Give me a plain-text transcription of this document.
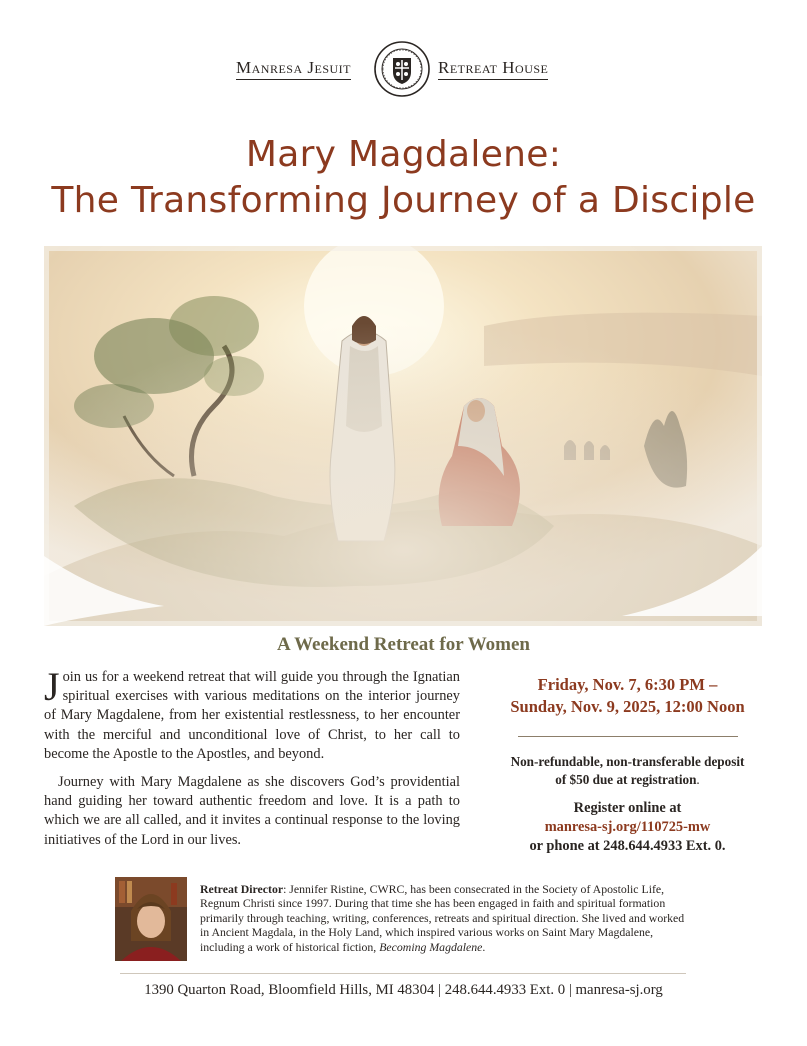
Manresa Jesuit	Retreat House
Mary Magdalene:
The Transforming Journey of a Disciple
A Weekend Retreat for Women

Join us for a weekend retreat that will guide you through the Ignatian spiritual exercises with various meditations on the interior journey of Mary Magdalene, from her existential restlessness, to her encounter with the merciful and unconditional love of Christ, to her call to become the Apostle to the Apostles, and beyond.

Journey with Mary Magdalene as she discovers God’s providential hand guiding her toward authentic freedom and love. It is a path to which we are all called, and it invites a continual response to the loving initiatives of the Lord in our lives.

Friday, Nov. 7, 6:30 PM –
Sunday, Nov. 9, 2025, 12:00 Noon
Non-refundable, non-transferable deposit
of $50 due at registration.
Register online at
manresa-sj.org/110725-mw
or phone at 248.644.4933 Ext. 0.
Retreat Director: Jennifer Ristine, CWRC, has been consecrated in the Society of Apostolic Life, Regnum Christi since 1997. During that time she has been engaged in faith and spiritual formation primarily through teaching, writing, conferences, retreats and spiritual direction. She lived and worked in Ancient Magdala, in the Holy Land, which inspired various works on Saint Mary Magdalene, including a work of historical fiction, Becoming Magdalene.
1390 Quarton Road, Bloomfield Hills, MI 48304 | 248.644.4933 Ext. 0 | manresa-sj.org
